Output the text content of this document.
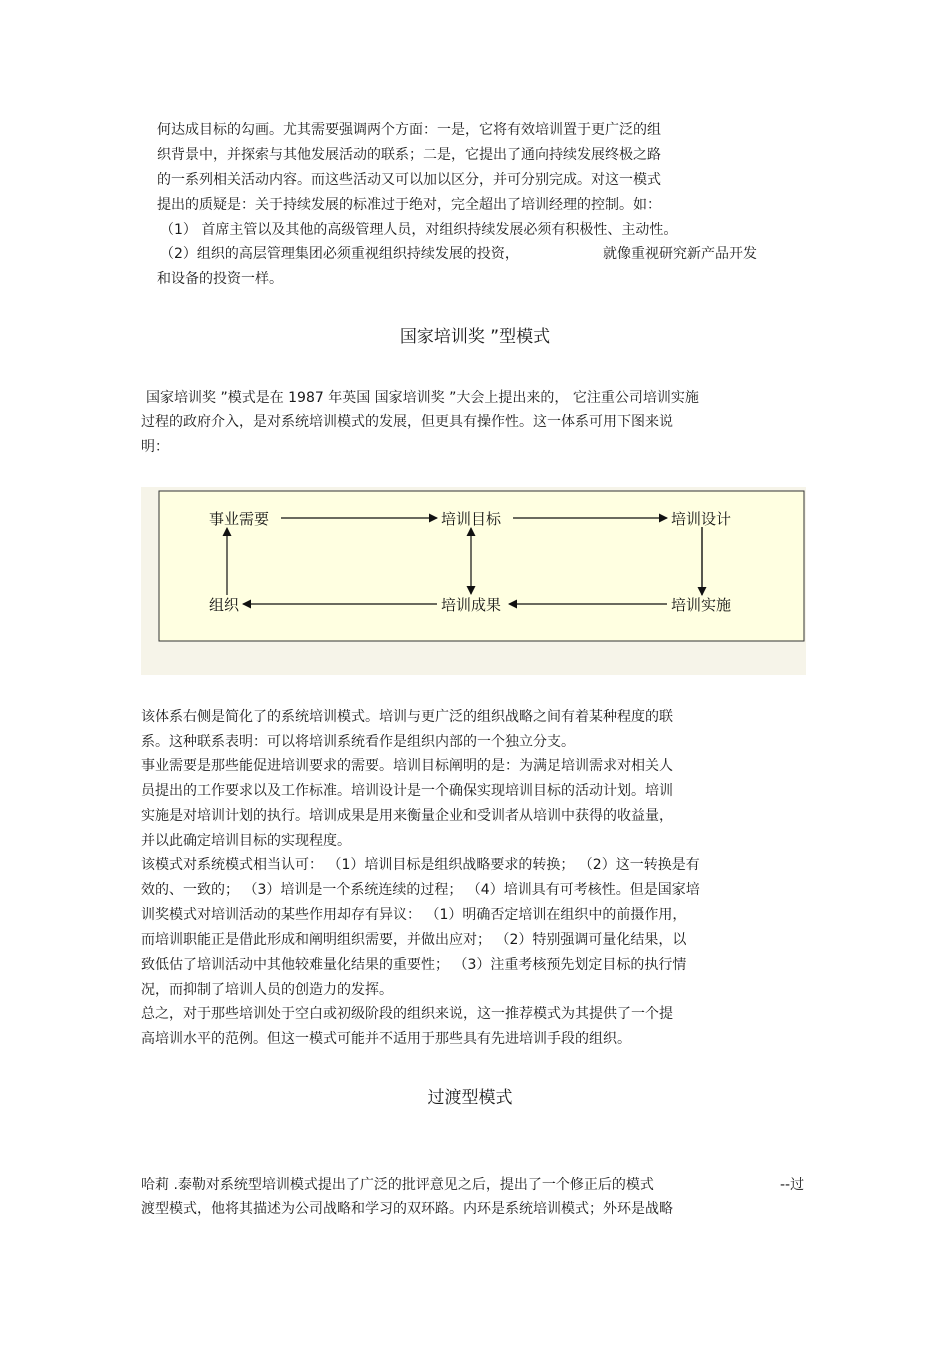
何达成目标的勾画。尤其需要强调两个方面：一是，它将有效培训置于更广泛的组
织背景中，并探索与其他发展活动的联系；二是，它提出了通向持续发展终极之路
的一系列相关活动内容。而这些活动又可以加以区分，并可分别完成。对这一模式
提出的质疑是：关于持续发展的标准过于绝对，完全超出了培训经理的控制。如：
（1） 首席主管以及其他的高级管理人员，对组织持续发展必须有积极性、主动性。
（2）组织的高层管理集团必须重视组织持续发展的投资，	就像重视研究新产品开发
和设备的投资一样。
国家培训奖 ”型模式
国家培训奖 ”模式是在 1987 年英国 国家培训奖 ”大会上提出来的， 它注重公司培训实施
过程的政府介入，是对系统培训模式的发展，但更具有操作性。这一体系可用下图来说
明：
事业需要	培训目标	培训设计
组织	培训成果	培训实施
该体系右侧是简化了的系统培训模式。培训与更广泛的组织战略之间有着某种程度的联
系。这种联系表明：可以将培训系统看作是组织内部的一个独立分支。
事业需要是那些能促进培训要求的需要。培训目标阐明的是：为满足培训需求对相关人
员提出的工作要求以及工作标准。培训设计是一个确保实现培训目标的活动计划。培训
实施是对培训计划的执行。培训成果是用来衡量企业和受训者从培训中获得的收益量，
并以此确定培训目标的实现程度。
该模式对系统模式相当认可： （1）培训目标是组织战略要求的转换； （2）这一转换是有
效的、一致的； （3）培训是一个系统连续的过程； （4）培训具有可考核性。但是国家培
训奖模式对培训活动的某些作用却存有异议： （1）明确否定培训在组织中的前摄作用，
而培训职能正是借此形成和阐明组织需要，并做出应对； （2）特别强调可量化结果，以
致低估了培训活动中其他较难量化结果的重要性； （3）注重考核预先划定目标的执行情
况，而抑制了培训人员的创造力的发挥。
总之，对于那些培训处于空白或初级阶段的组织来说，这一推荐模式为其提供了一个提
高培训水平的范例。但这一模式可能并不适用于那些具有先进培训手段的组织。
过渡型模式
哈莉 .泰勒对系统型培训模式提出了广泛的批评意见之后，提出了一个修正后的模式	--过
渡型模式，他将其描述为公司战略和学习的双环路。内环是系统培训模式；外环是战略
